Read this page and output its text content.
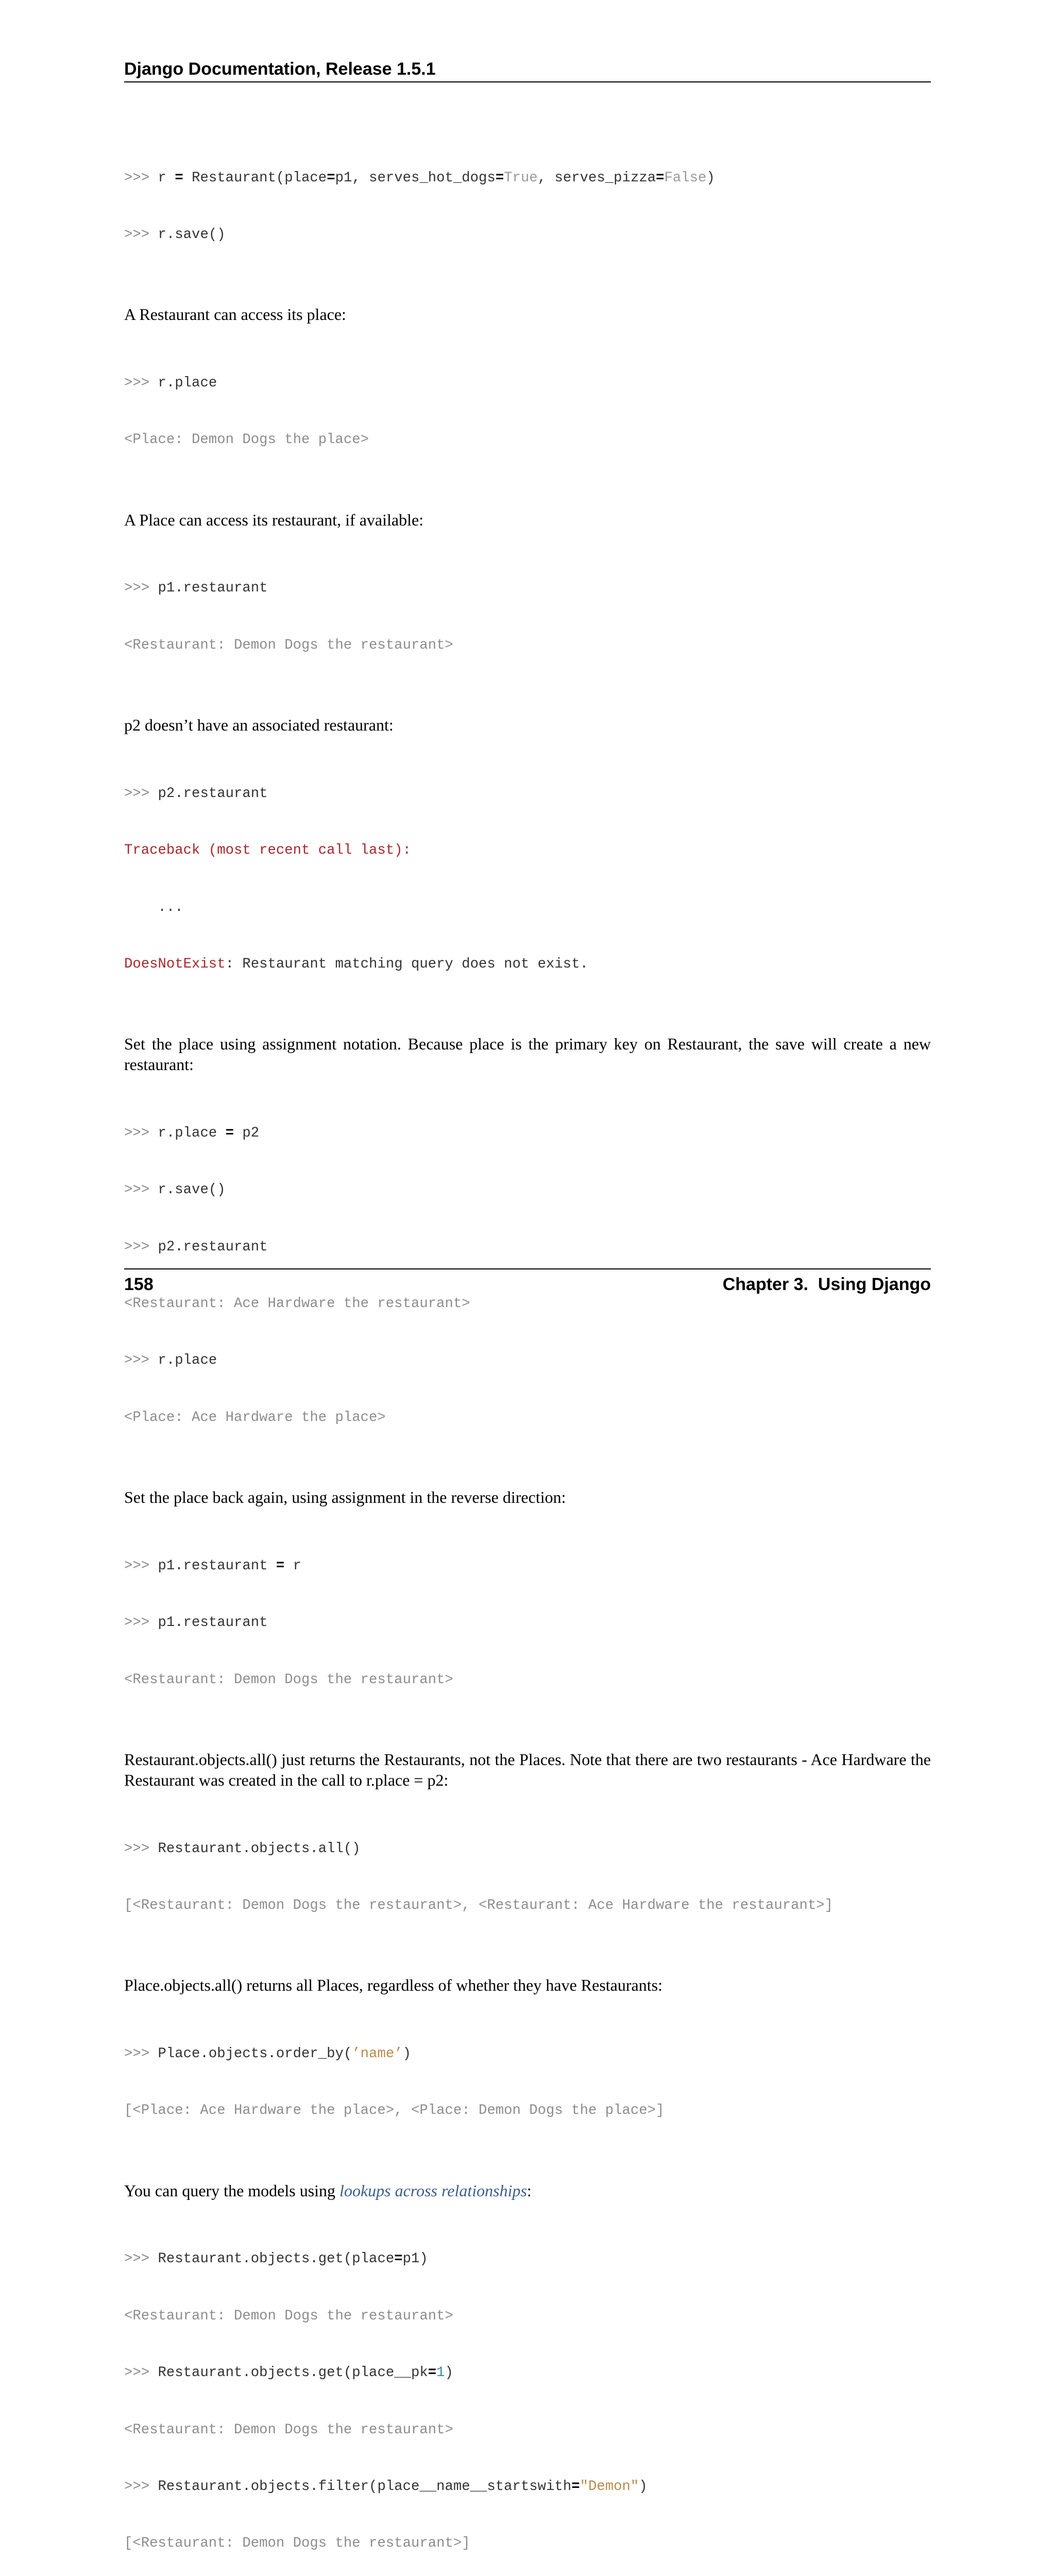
Django Documentation, Release 1.5.1

>>> r = Restaurant(place=p1, serves_hot_dogs=True, serves_pizza=False)

>>> r.save()

A Restaurant can access its place:

>>> r.place

<Place: Demon Dogs the place>

A Place can access its restaurant, if available:

>>> p1.restaurant

<Restaurant: Demon Dogs the restaurant>

p2 doesn’t have an associated restaurant:

>>> p2.restaurant

Traceback (most recent call last):

...

DoesNotExist: Restaurant matching query does not exist.

Set the place using assignment notation. Because place is the primary key on Restaurant, the save will create a new restaurant:

>>> r.place = p2

>>> r.save()

>>> p2.restaurant

<Restaurant: Ace Hardware the restaurant>

>>> r.place

<Place: Ace Hardware the place>

Set the place back again, using assignment in the reverse direction:

>>> p1.restaurant = r

>>> p1.restaurant

<Restaurant: Demon Dogs the restaurant>

Restaurant.objects.all() just returns the Restaurants, not the Places. Note that there are two restaurants - Ace Hardware the Restaurant was created in the call to r.place = p2:

>>> Restaurant.objects.all()

[<Restaurant: Demon Dogs the restaurant>, <Restaurant: Ace Hardware the restaurant>]

Place.objects.all() returns all Places, regardless of whether they have Restaurants:

>>> Place.objects.order_by(’name’)

[<Place: Ace Hardware the place>, <Place: Demon Dogs the place>]

You can query the models using lookups across relationships:

>>> Restaurant.objects.get(place=p1)

<Restaurant: Demon Dogs the restaurant>

>>> Restaurant.objects.get(place__pk=1)

<Restaurant: Demon Dogs the restaurant>

>>> Restaurant.objects.filter(place__name__startswith="Demon")

[<Restaurant: Demon Dogs the restaurant>]

158	Chapter 3.  Using Django
